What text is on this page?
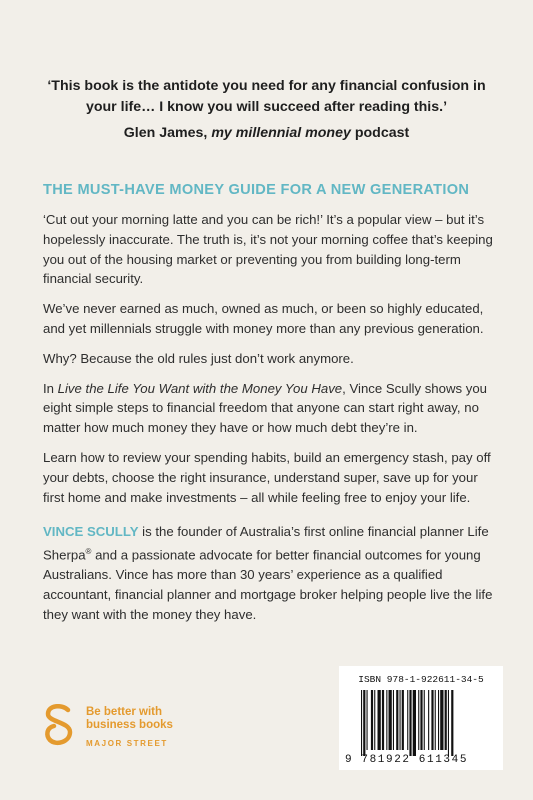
‘This book is the antidote you need for any financial confusion in your life… I know you will succeed after reading this.’
Glen James, my millennial money podcast
THE MUST-HAVE MONEY GUIDE FOR A NEW GENERATION

‘Cut out your morning latte and you can be rich!’ It’s a popular view – but it’s hopelessly inaccurate. The truth is, it’s not your morning coffee that’s keeping you out of the housing market or preventing you from building long-term financial security.

We’ve never earned as much, owned as much, or been so highly educated, and yet millennials struggle with money more than any previous generation.

Why? Because the old rules just don’t work anymore.

In Live the Life You Want with the Money You Have, Vince Scully shows you eight simple steps to financial freedom that anyone can start right away, no matter how much money they have or how much debt they’re in.

Learn how to review your spending habits, build an emergency stash, pay off your debts, choose the right insurance, understand super, save up for your first home and make investments – all while feeling free to enjoy your life.

VINCE SCULLY is the founder of Australia’s first online financial planner Life Sherpa® and a passionate advocate for better financial outcomes for young Australians. Vince has more than 30 years’ experience as a qualified accountant, financial planner and mortgage broker helping people live the life they want with the money they have.
Be better with
business books
MAJOR STREET
ISBN 978-1-922611-34-5
9 781922 611345
